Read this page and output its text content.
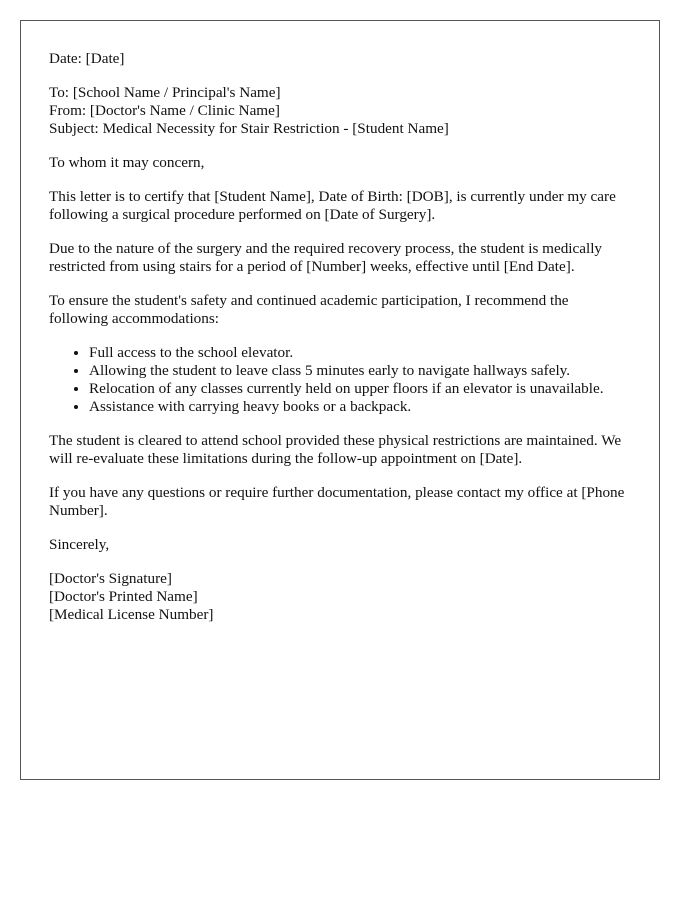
Date: [Date]

To: [School Name / Principal's Name]
From: [Doctor's Name / Clinic Name]
Subject: Medical Necessity for Stair Restriction - [Student Name]

To whom it may concern,

This letter is to certify that [Student Name], Date of Birth: [DOB], is currently under my care following a surgical procedure performed on [Date of Surgery].

Due to the nature of the surgery and the required recovery process, the student is medically restricted from using stairs for a period of [Number] weeks, effective until [End Date].

To ensure the student's safety and continued academic participation, I recommend the following accommodations:

• Full access to the school elevator.
• Allowing the student to leave class 5 minutes early to navigate hallways safely.
• Relocation of any classes currently held on upper floors if an elevator is unavailable.
• Assistance with carrying heavy books or a backpack.

The student is cleared to attend school provided these physical restrictions are maintained. We will re-evaluate these limitations during the follow-up appointment on [Date].

If you have any questions or require further documentation, please contact my office at [Phone Number].

Sincerely,

[Doctor's Signature]
[Doctor's Printed Name]
[Medical License Number]
